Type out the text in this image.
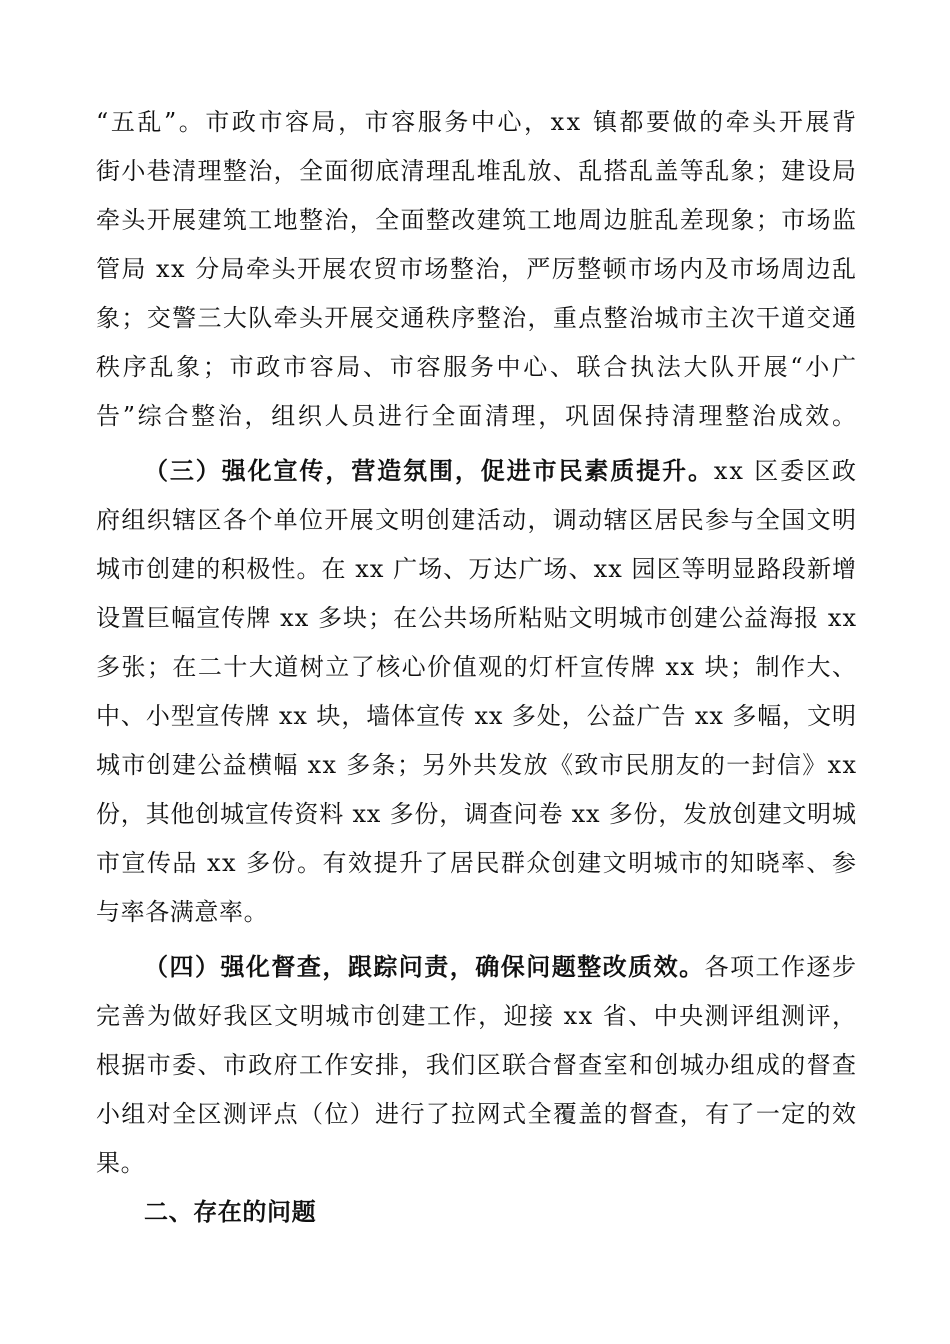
“五乱”。市政市容局，市容服务中心，xx 镇都要做的牵头开展背
街小巷清理整治，全面彻底清理乱堆乱放、乱搭乱盖等乱象；建设局
牵头开展建筑工地整治，全面整改建筑工地周边脏乱差现象；市场监
管局 xx 分局牵头开展农贸市场整治，严厉整顿市场内及市场周边乱
象；交警三大队牵头开展交通秩序整治，重点整治城市主次干道交通
秩序乱象；市政市容局、市容服务中心、联合执法大队开展“小广
告”综合整治，组织人员进行全面清理，巩固保持清理整治成效。
（三）强化宣传，营造氛围，促进市民素质提升。xx 区委区政
府组织辖区各个单位开展文明创建活动，调动辖区居民参与全国文明
城市创建的积极性。在 xx 广场、万达广场、xx 园区等明显路段新增
设置巨幅宣传牌 xx 多块；在公共场所粘贴文明城市创建公益海报 xx
多张；在二十大道树立了核心价值观的灯杆宣传牌 xx 块；制作大、
中、小型宣传牌 xx 块，墙体宣传 xx 多处，公益广告 xx 多幅，文明
城市创建公益横幅 xx 多条；另外共发放《致市民朋友的一封信》xx
份，其他创城宣传资料 xx 多份，调查问卷 xx 多份，发放创建文明城
市宣传品 xx 多份。有效提升了居民群众创建文明城市的知晓率、参
与率各满意率。
（四）强化督查，跟踪问责，确保问题整改质效。各项工作逐步
完善为做好我区文明城市创建工作，迎接 xx 省、中央测评组测评，
根据市委、市政府工作安排，我们区联合督查室和创城办组成的督查
小组对全区测评点（位）进行了拉网式全覆盖的督查，有了一定的效
果。
二、存在的问题
